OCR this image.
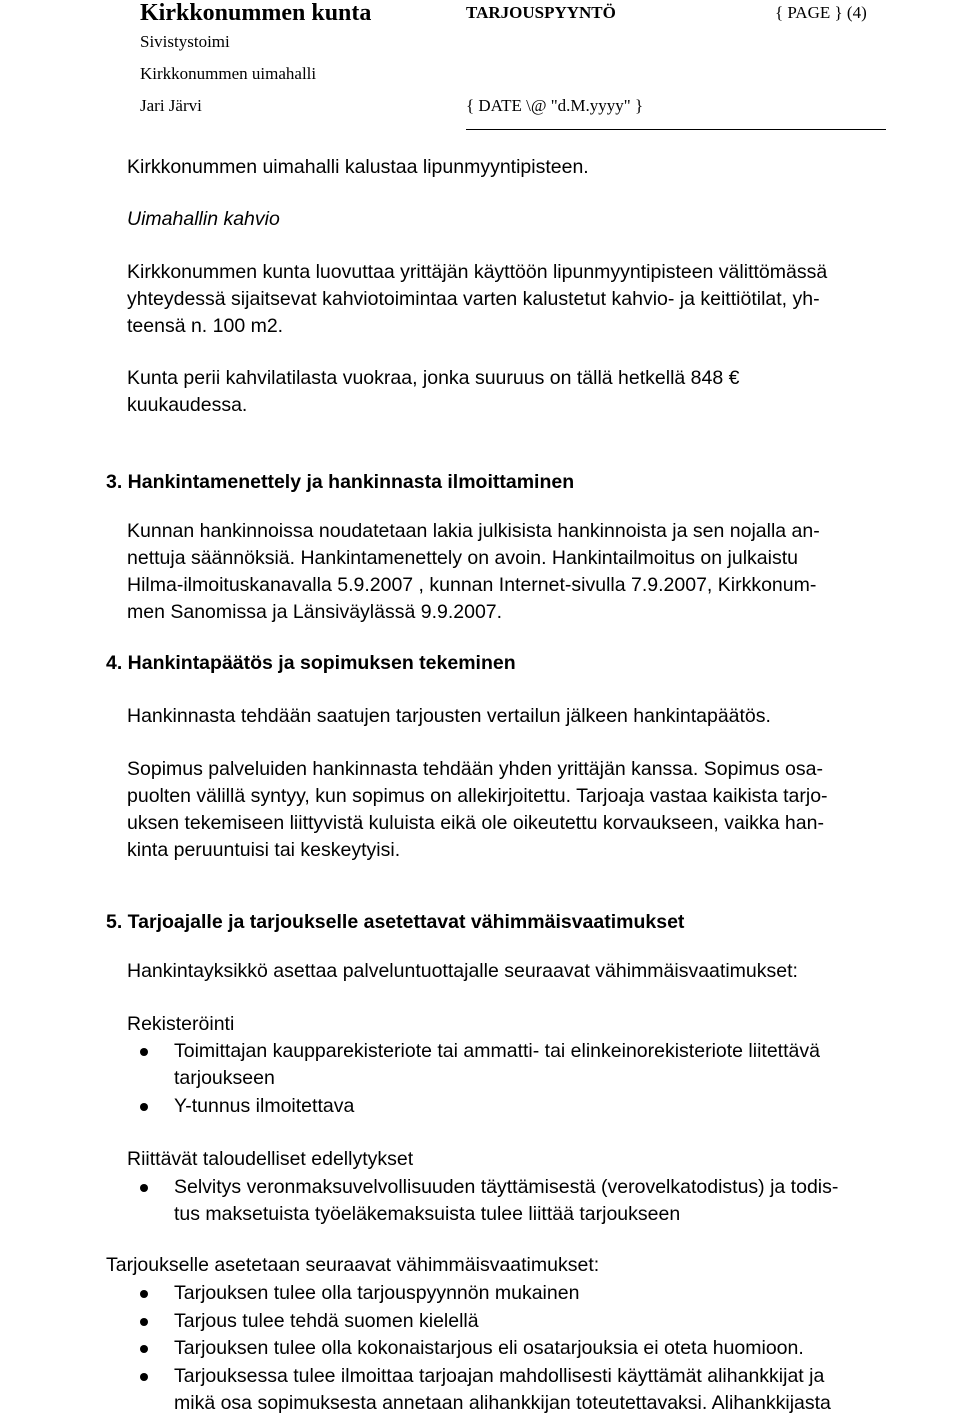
Kirkkonummen kunta	TARJOUSPYYNTÖ	{ PAGE } (4)
Sivistystoimi
Kirkkonummen uimahalli
Jari Järvi	{ DATE \@ "d.M.yyyy" }
Kirkkonummen uimahalli kalustaa lipunmyyntipisteen.
Uimahallin kahvio
Kirkkonummen kunta luovuttaa yrittäjän käyttöön lipunmyyntipisteen välittömässä
yhteydessä sijaitsevat kahviotoimintaa varten kalustetut kahvio- ja keittiötilat, yh-
teensä n. 100 m2.
Kunta perii kahvilatilasta vuokraa, jonka suuruus on tällä hetkellä 848 €
kuukaudessa.
3. Hankintamenettely ja hankinnasta ilmoittaminen
Kunnan hankinnoissa noudatetaan lakia julkisista hankinnoista ja sen nojalla an-
nettuja säännöksiä. Hankintamenettely on avoin. Hankintailmoitus on julkaistu
Hilma-ilmoituskanavalla 5.9.2007 , kunnan Internet-sivulla 7.9.2007, Kirkkonum-
men Sanomissa ja Länsiväylässä 9.9.2007.
4. Hankintapäätös ja sopimuksen tekeminen
Hankinnasta tehdään saatujen tarjousten vertailun jälkeen hankintapäätös.
Sopimus palveluiden hankinnasta tehdään yhden yrittäjän kanssa. Sopimus osa-
puolten välillä syntyy, kun sopimus on allekirjoitettu. Tarjoaja vastaa kaikista tarjo-
uksen tekemiseen liittyvistä kuluista eikä ole oikeutettu korvaukseen, vaikka han-
kinta peruuntuisi tai keskeytyisi.
5. Tarjoajalle ja tarjoukselle asetettavat vähimmäisvaatimukset
Hankintayksikkö asettaa palveluntuottajalle seuraavat vähimmäisvaatimukset:
Rekisteröinti
Toimittajan kaupparekisteriote tai ammatti- tai elinkeinorekisteriote liitettävä
tarjoukseen
Y-tunnus ilmoitettava
Riittävät taloudelliset edellytykset
Selvitys veronmaksuvelvollisuuden täyttämisestä (verovelkatodistus) ja todis-
tus maksetuista työeläkemaksuista tulee liittää tarjoukseen
Tarjoukselle asetetaan seuraavat vähimmäisvaatimukset:
Tarjouksen tulee olla tarjouspyynnön mukainen
Tarjous tulee tehdä suomen kielellä
Tarjouksen tulee olla kokonaistarjous eli osatarjouksia ei oteta huomioon.
Tarjouksessa tulee ilmoittaa tarjoajan mahdollisesti käyttämät alihankkijat ja
mikä osa sopimuksesta annetaan alihankkijan toteutettavaksi. Alihankkijasta
